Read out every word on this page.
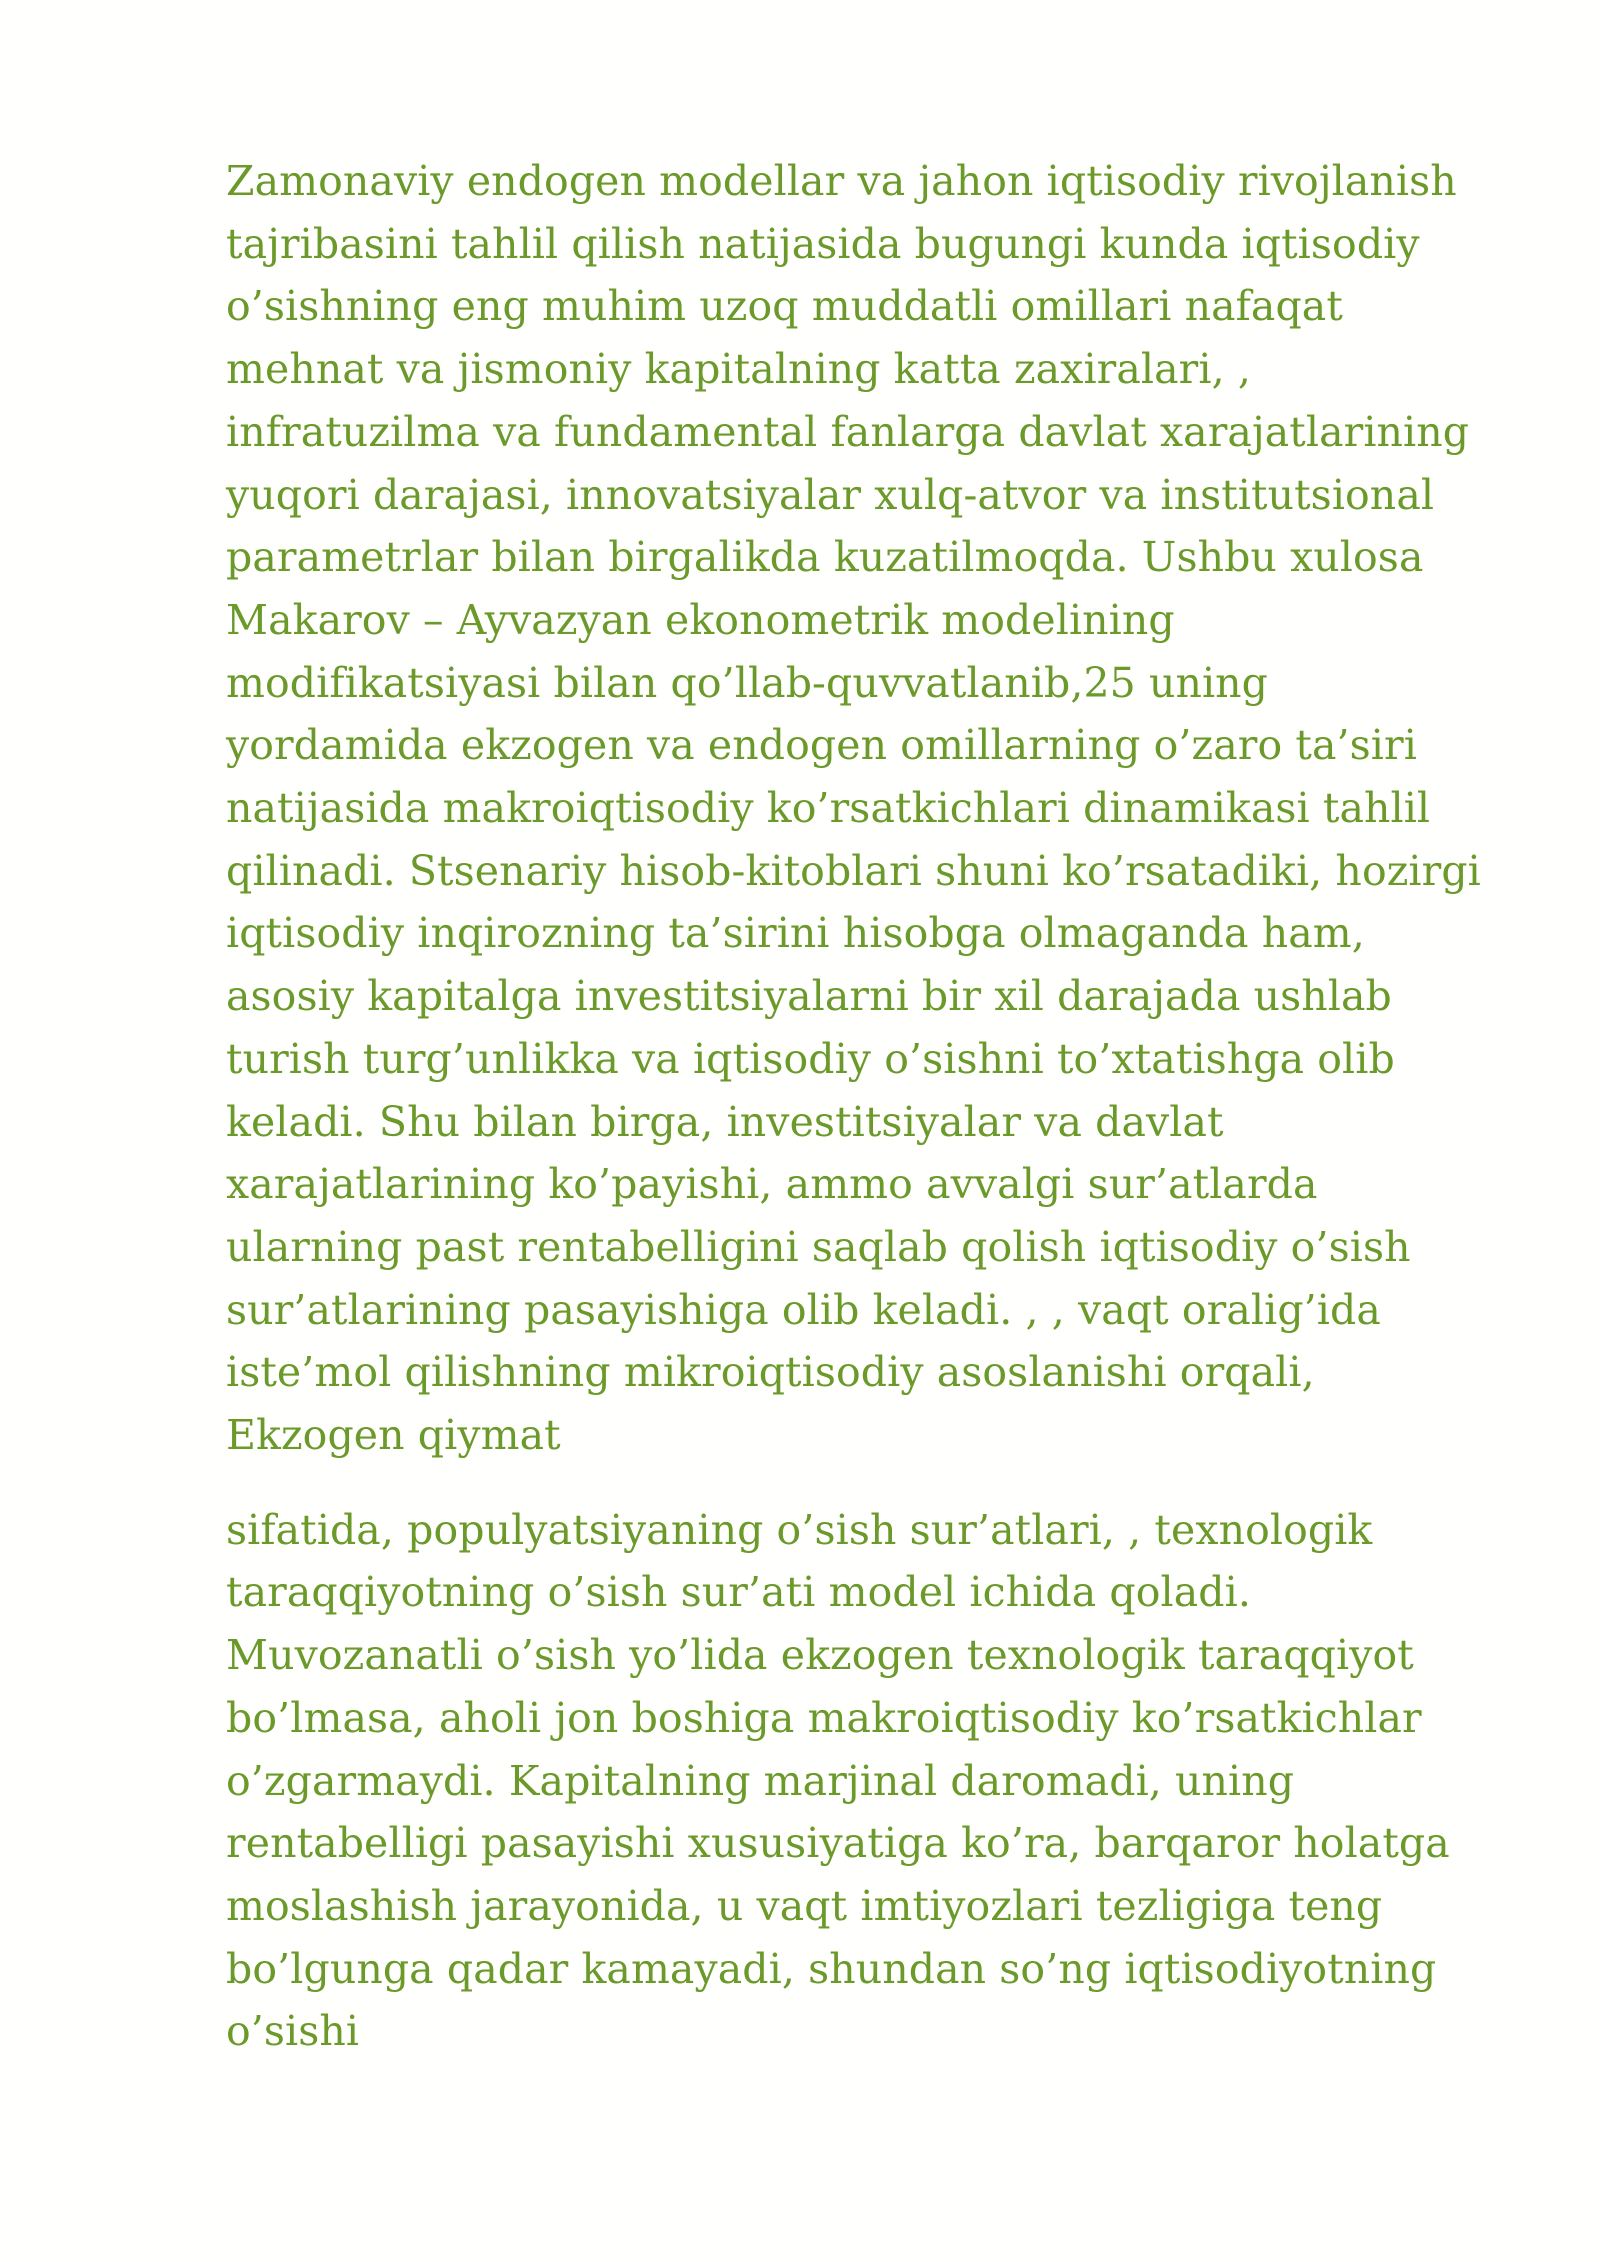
Zamonaviy endogen modellar va jahon iqtisodiy rivojlanish
tajribasini tahlil qilish natijasida bugungi kunda iqtisodiy
o’sishning eng muhim uzoq muddatli omillari nafaqat
mehnat va jismoniy kapitalning katta zaxiralari, ,
infratuzilma va fundamental fanlarga davlat xarajatlarining
yuqori darajasi, innovatsiyalar xulq-atvor va institutsional
parametrlar bilan birgalikda kuzatilmoqda. Ushbu xulosa
Makarov – Ayvazyan ekonometrik modelining
modifikatsiyasi bilan qo’llab-quvvatlanib,25 uning
yordamida ekzogen va endogen omillarning o’zaro ta’siri
natijasida makroiqtisodiy ko’rsatkichlari dinamikasi tahlil
qilinadi. Stsenariy hisob-kitoblari shuni ko’rsatadiki, hozirgi
iqtisodiy inqirozning ta’sirini hisobga olmaganda ham,
asosiy kapitalga investitsiyalarni bir xil darajada ushlab
turish turg’unlikka va iqtisodiy o’sishni to’xtatishga olib
keladi. Shu bilan birga, investitsiyalar va davlat
xarajatlarining ko’payishi, ammo avvalgi sur’atlarda
ularning past rentabelligini saqlab qolish iqtisodiy o’sish
sur’atlarining pasayishiga olib keladi. , , vaqt oralig’ida
iste’mol qilishning mikroiqtisodiy asoslanishi orqali,
Ekzogen qiymat

sifatida, populyatsiyaning o’sish sur’atlari, , texnologik
taraqqiyotning o’sish sur’ati model ichida qoladi.
Muvozanatli o’sish yo’lida ekzogen texnologik taraqqiyot
bo’lmasa, aholi jon boshiga makroiqtisodiy ko’rsatkichlar
o’zgarmaydi. Kapitalning marjinal daromadi, uning
rentabelligi pasayishi xususiyatiga ko’ra, barqaror holatga
moslashish jarayonida, u vaqt imtiyozlari tezligiga teng
bo’lgunga qadar kamayadi, shundan so’ng iqtisodiyotning
o’sishi
